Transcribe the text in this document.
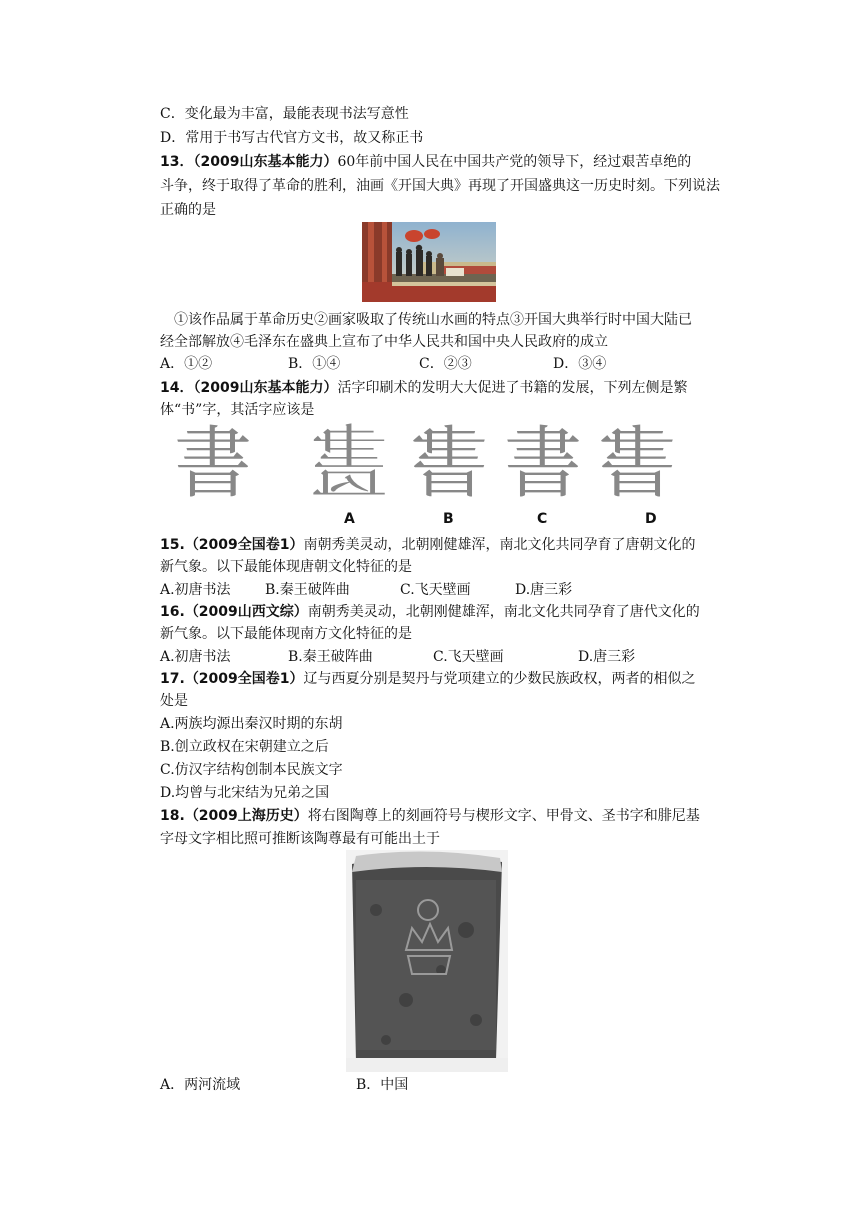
C．变化最为丰富，最能表现书法写意性
D．常用于书写古代官方文书，故又称正书
13．（2009山东基本能力）60年前中国人民在中国共产党的领导下，经过艰苦卓绝的
斗争，终于取得了革命的胜利，油画《开国大典》再现了开国盛典这一历史时刻。下列说法
正确的是
①该作品属于革命历史②画家吸取了传统山水画的特点③开国大典举行时中国大陆已
经全部解放④毛泽东在盛典上宣布了中华人民共和国中央人民政府的成立
A．①②	B．①④	C．②③	D．③④
14．（2009山东基本能力）活字印刷术的发明大大促进了书籍的发展，下列左侧是繁
体“书”字，其活字应该是
書 𦘕 書 書 書
A	B	C	D
15.（2009全国卷1）南朝秀美灵动，北朝刚健雄浑，南北文化共同孕育了唐朝文化的
新气象。以下最能体现唐朝文化特征的是
A.初唐书法 B.秦王破阵曲	C.飞天壁画	D.唐三彩
16.（2009山西文综）南朝秀美灵动，北朝刚健雄浑，南北文化共同孕育了唐代文化的
新气象。以下最能体现南方文化特征的是
A.初唐书法	B.秦王破阵曲	C.飞天壁画	D.唐三彩
17.（2009全国卷1）辽与西夏分别是契丹与党项建立的少数民族政权，两者的相似之
处是
A.两族均源出秦汉时期的东胡
B.创立政权在宋朝建立之后
C.仿汉字结构创制本民族文字
D.均曾与北宋结为兄弟之国
18.（2009上海历史）将右图陶尊上的刻画符号与楔形文字、甲骨文、圣书字和腓尼基
字母文字相比照可推断该陶尊最有可能出土于
A．两河流域	B．中国
